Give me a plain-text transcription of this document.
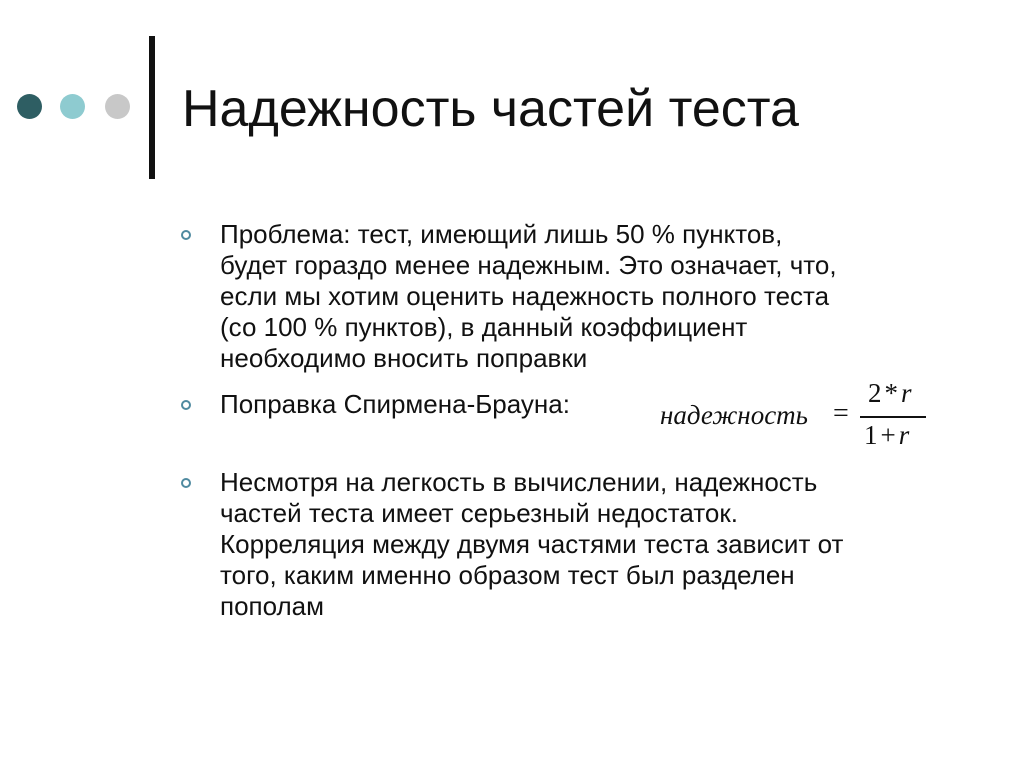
Надежность частей теста
Проблема: тест, имеющий лишь 50 % пунктов,
будет гораздо менее надежным. Это означает, что,
если мы хотим оценить надежность полного теста
(со 100 % пунктов), в данный коэффициент
необходимо вносить поправки
Поправка Спирмена-Брауна:	надежность =
2 * r
1 + r
Несмотря на легкость в вычислении, надежность
частей теста имеет серьезный недостаток.
Корреляция между двумя частями теста зависит от
того, каким именно образом тест был разделен
пополам
